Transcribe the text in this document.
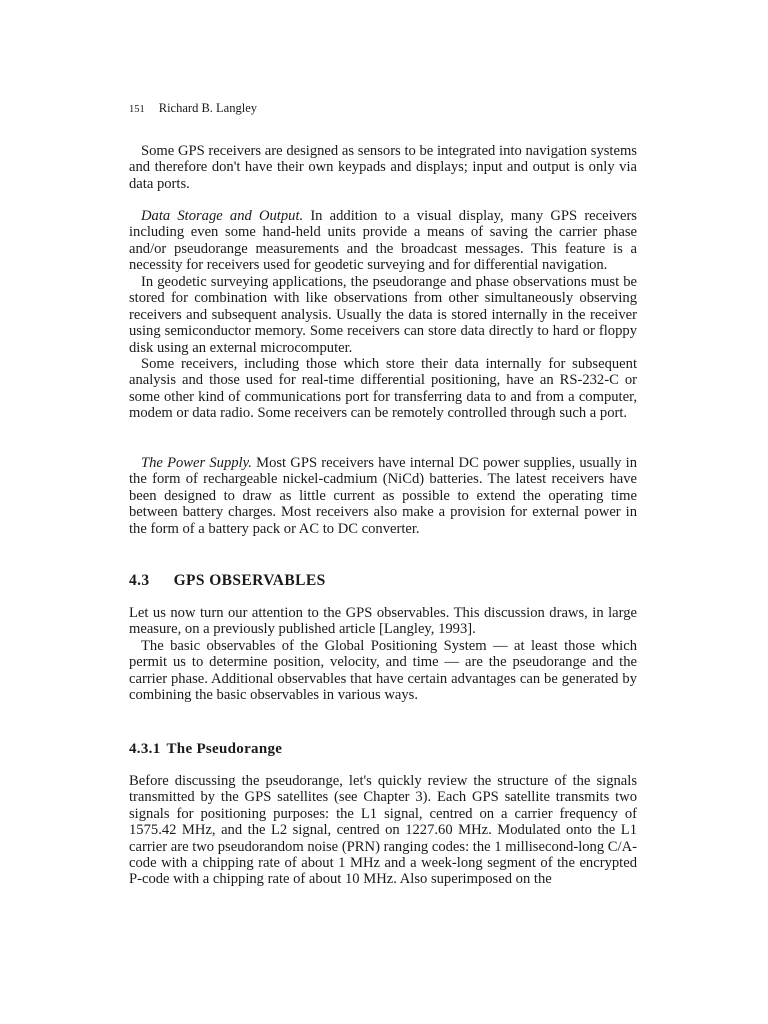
151 Richard B. Langley

Some GPS receivers are designed as sensors to be integrated into navigation systems and therefore don't have their own keypads and displays; input and output is only via data ports.

Data Storage and Output. In addition to a visual display, many GPS receivers including even some hand-held units provide a means of saving the carrier phase and/or pseudorange measurements and the broadcast messages. This feature is a necessity for receivers used for geodetic surveying and for differential navigation.

In geodetic surveying applications, the pseudorange and phase observations must be stored for combination with like observations from other simultaneously observing receivers and subsequent analysis. Usually the data is stored internally in the receiver using semiconductor memory. Some receivers can store data directly to hard or floppy disk using an external microcomputer.

Some receivers, including those which store their data internally for subsequent analysis and those used for real-time differential positioning, have an RS-232-C or some other kind of communications port for transferring data to and from a computer, modem or data radio. Some receivers can be remotely controlled through such a port.

The Power Supply. Most GPS receivers have internal DC power supplies, usually in the form of rechargeable nickel-cadmium (NiCd) batteries. The latest receivers have been designed to draw as little current as possible to extend the operating time between battery charges. Most receivers also make a provision for external power in the form of a battery pack or AC to DC converter.

4.3 GPS OBSERVABLES

Let us now turn our attention to the GPS observables. This discussion draws, in large measure, on a previously published article [Langley, 1993].

The basic observables of the Global Positioning System — at least those which permit us to determine position, velocity, and time — are the pseudorange and the carrier phase. Additional observables that have certain advantages can be generated by combining the basic observables in various ways.

4.3.1 The Pseudorange

Before discussing the pseudorange, let's quickly review the structure of the signals transmitted by the GPS satellites (see Chapter 3). Each GPS satellite transmits two signals for positioning purposes: the L1 signal, centred on a carrier frequency of 1575.42 MHz, and the L2 signal, centred on 1227.60 MHz. Modulated onto the L1 carrier are two pseudorandom noise (PRN) ranging codes: the 1 millisecond-long C/A-code with a chipping rate of about 1 MHz and a week-long segment of the encrypted P-code with a chipping rate of about 10 MHz. Also superimposed on the
